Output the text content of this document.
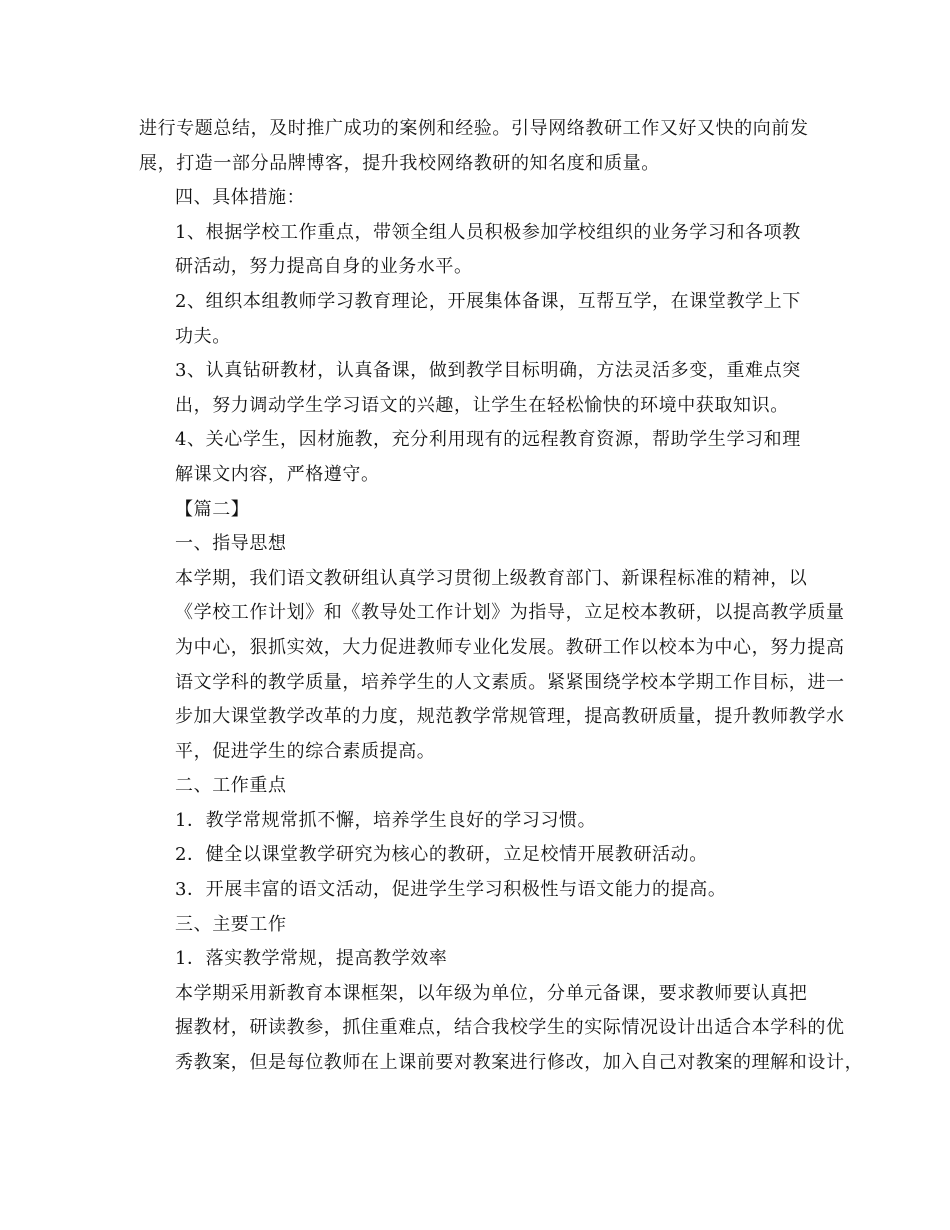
进行专题总结，及时推广成功的案例和经验。引导网络教研工作又好又快的向前发
展，打造一部分品牌博客，提升我校网络教研的知名度和质量。
四、具体措施：
1、根据学校工作重点，带领全组人员积极参加学校组织的业务学习和各项教
研活动，努力提高自身的业务水平。
2、组织本组教师学习教育理论，开展集体备课，互帮互学，在课堂教学上下
功夫。
3、认真钻研教材，认真备课，做到教学目标明确，方法灵活多变，重难点突
出，努力调动学生学习语文的兴趣，让学生在轻松愉快的环境中获取知识。
4、关心学生，因材施教，充分利用现有的远程教育资源，帮助学生学习和理
解课文内容，严格遵守。
【篇二】
一、指导思想
本学期，我们语文教研组认真学习贯彻上级教育部门、新课程标准的精神，以
《学校工作计划》和《教导处工作计划》为指导，立足校本教研，以提高教学质量
为中心，狠抓实效，大力促进教师专业化发展。教研工作以校本为中心，努力提高
语文学科的教学质量，培养学生的人文素质。紧紧围绕学校本学期工作目标，进一
步加大课堂教学改革的力度，规范教学常规管理，提高教研质量，提升教师教学水
平，促进学生的综合素质提高。
二、工作重点
1．教学常规常抓不懈，培养学生良好的学习习惯。
2．健全以课堂教学研究为核心的教研，立足校情开展教研活动。
3．开展丰富的语文活动，促进学生学习积极性与语文能力的提高。
三、主要工作
1．落实教学常规，提高教学效率
本学期采用新教育本课框架，以年级为单位，分单元备课，要求教师要认真把
握教材，研读教参，抓住重难点，结合我校学生的实际情况设计出适合本学科的优
秀教案，但是每位教师在上课前要对教案进行修改，加入自己对教案的理解和设计，
